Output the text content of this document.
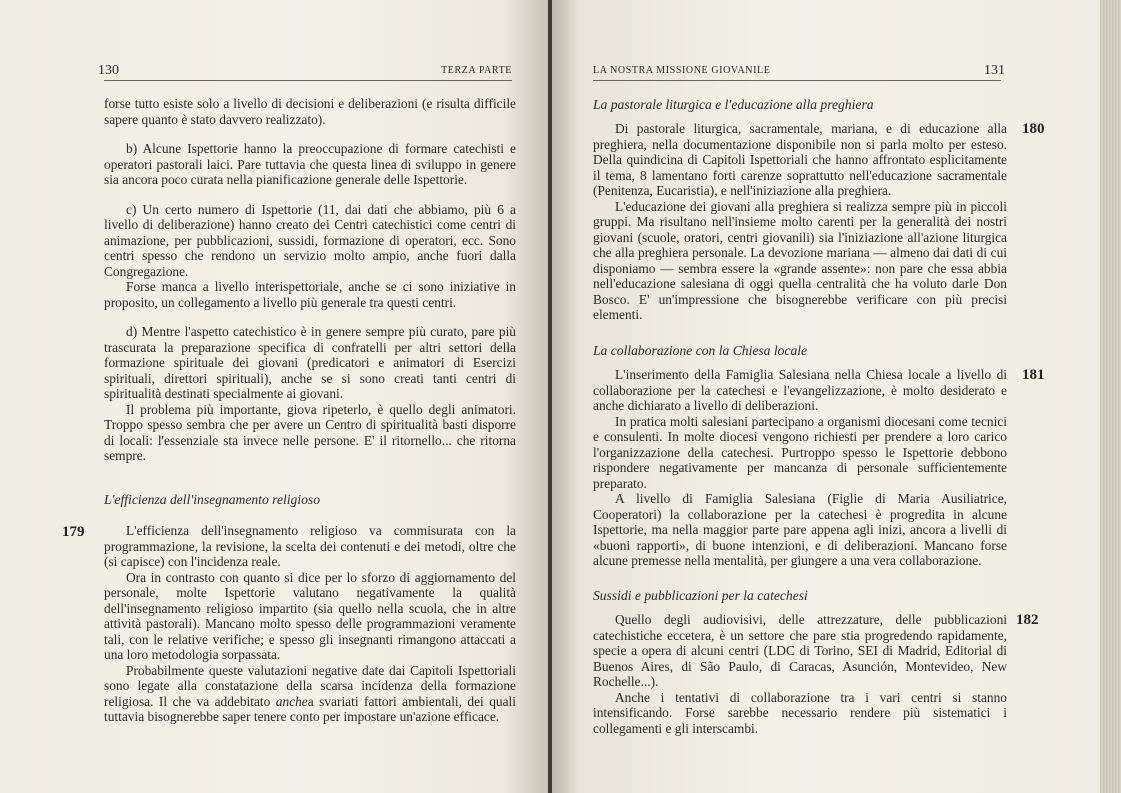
130	TERZA PARTE

forse tutto esiste solo a livello di decisioni e deliberazioni (e risulta difficile sapere quanto è stato davvero realizzato).

b) Alcune Ispettorie hanno la preoccupazione di formare catechisti e operatori pastorali laici. Pare tuttavia che questa linea di sviluppo in genere sia ancora poco curata nella pianificazione generale delle Ispettorie.

c) Un certo numero di Ispettorie (11, dai dati che abbiamo, più 6 a livello di deliberazione) hanno creato dei Centri catechistici come centri di animazione, per pubblicazioni, sussidi, formazione di operatori, ecc. Sono centri spesso che rendono un servizio molto ampio, anche fuori dalla Congregazione.

Forse manca a livello interispettoriale, anche se ci sono iniziative in proposito, un collegamento a livello più generale tra questi centri.

d) Mentre l'aspetto catechistico è in genere sempre più curato, pare più trascurata la preparazione specifica di confratelli per altri settori della formazione spirituale dei giovani (predicatori e animatori di Esercizi spirituali, direttori spirituali), anche se si sono creati tanti centri di spiritualità destinati specialmente ai giovani.

Il problema più importante, giova ripeterlo, è quello degli animatori. Troppo spesso sembra che per avere un Centro di spiritualità basti disporre di locali: l'essenziale sta invece nelle persone. E' il ritornello... che ritorna sempre.

L'efficienza dell'insegnamento religioso

179	L'efficienza dell'insegnamento religioso va commisurata con la programmazione, la revisione, la scelta dei contenuti e dei metodi, oltre che (si capisce) con l'incidenza reale.

Ora in contrasto con quanto si dice per lo sforzo di aggiornamento del personale, molte Ispettorie valutano negativamente la qualità dell'insegnamento religioso impartito (sia quello nella scuola, che in altre attività pastorali). Mancano molto spesso delle programmazioni veramente tali, con le relative verifiche; e spesso gli insegnanti rimangono attaccati a una loro metodologia sorpassata.

Probabilmente queste valutazioni negative date dai Capitoli Ispettoriali sono legate alla constatazione della scarsa incidenza della formazione religiosa. Il che va addebitato anchea svariati fattori ambientali, dei quali tuttavia bisognerebbe saper tenere conto per impostare un'azione efficace.

LA NOSTRA MISSIONE GIOVANILE	131

La pastorale liturgica e l'educazione alla preghiera

180

Di pastorale liturgica, sacramentale, mariana, e di educazione alla preghiera, nella documentazione disponibile non si parla molto per esteso. Della quindicina di Capitoli Ispettoriali che hanno affrontato esplicitamente il tema, 8 lamentano forti carenze soprattutto nell'educazione sacramentale (Penitenza, Eucaristia), e nell'iniziazione alla preghiera.

L'educazione dei giovani alla preghiera si realizza sempre più in piccoli gruppi. Ma risultano nell'insieme molto carenti per la generalità dei nostri giovani (scuole, oratori, centri giovanili) sia l'iniziazione all'azione liturgica che alla preghiera personale. La devozione mariana — almeno dai dati di cui disponiamo — sembra essere la «grande assente»: non pare che essa abbia nell'educazione salesiana di oggi quella centralità che ha voluto darle Don Bosco. E' un'impressione che bisognerebbe verificare con più precisi elementi.

La collaborazione con la Chiesa locale

181

L'inserimento della Famiglia Salesiana nella Chiesa locale a livello di collaborazione per la catechesi e l'evangelizzazione, è molto desiderato e anche dichiarato a livello di deliberazioni.

In pratica molti salesiani partecipano a organismi diocesani come tecnici e consulenti. In molte diocesi vengono richiesti per prendere a loro carico l'organizzazione della catechesi. Purtroppo spesso le Ispettorie debbono rispondere negativamente per mancanza di personale sufficientemente preparato.

A livello di Famiglia Salesiana (Figlie di Maria Ausiliatrice, Cooperatori) la collaborazione per la catechesi è progredita in alcune Ispettorie, ma nella maggior parte pare appena agli inizi, ancora a livelli di «buoni rapporti», di buone intenzioni, e di deliberazioni. Mancano forse alcune premesse nella mentalità, per giungere a una vera collaborazione.

Sussidi e pubblicazioni per la catechesi

182

Quello degli audiovisivi, delle attrezzature, delle pubblicazioni catechistiche eccetera, è un settore che pare stia progredendo rapidamente, specie a opera di alcuni centri (LDC di Torino, SEI di Madrid, Editorial di Buenos Aires, di São Paulo, di Caracas, Asunción, Montevideo, New Rochelle...).

Anche i tentativi di collaborazione tra i vari centri si stanno intensificando. Forse sarebbe necessario rendere più sistematici i collegamenti e gli interscambi.
